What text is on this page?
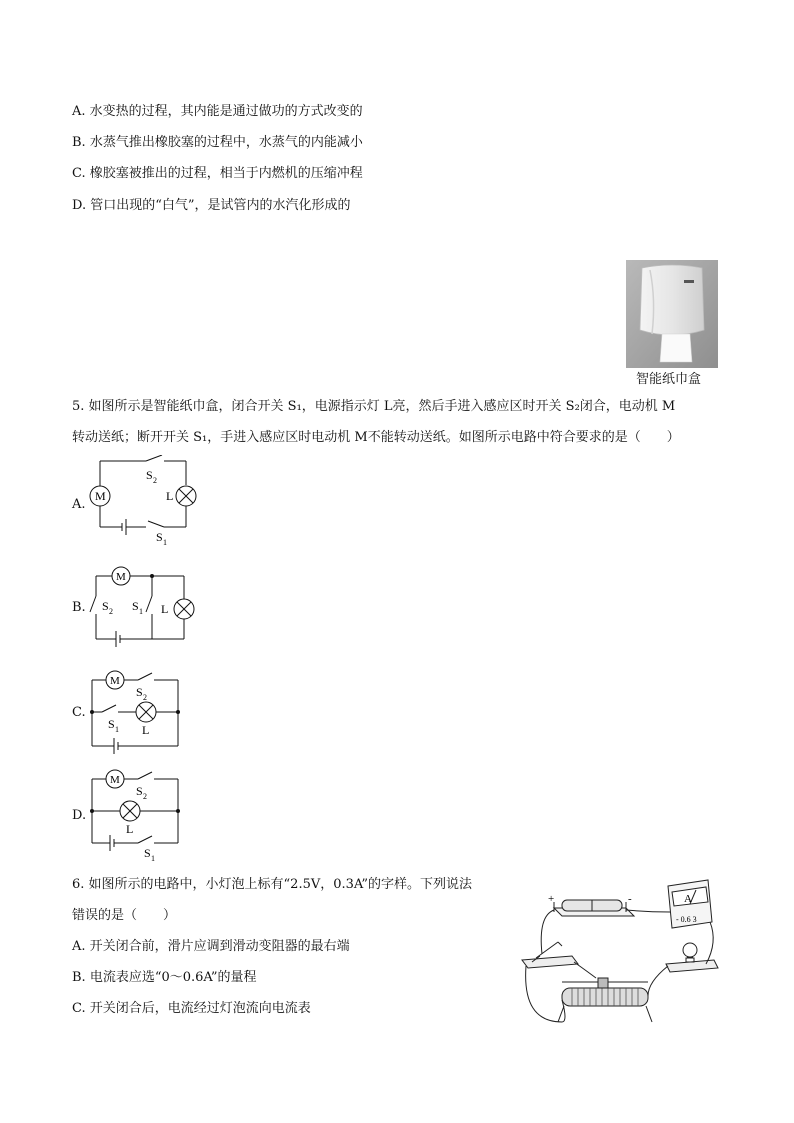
A. 水变热的过程，其内能是通过做功的方式改变的
B. 水蒸气推出橡胶塞的过程中，水蒸气的内能减小
C. 橡胶塞被推出的过程，相当于内燃机的压缩冲程
D. 管口出现的“白气”，是试管内的水汽化形成的
智能纸巾盒
5. 如图所示是智能纸巾盒，闭合开关 S₁，电源指示灯 L亮，然后手进入感应区时开关 S₂闭合，电动机 M
转动送纸；断开开关 S₁，手进入感应区时电动机 M不能转动送纸。如图所示电路中符合要求的是（　　）
A.
M	L
S 2
S 1
B.
M
S 2 S 1 L
C.
M
S 2
S 1 L
D.
M
S 2
L
S 1
6. 如图所示的电路中，小灯泡上标有“2.5V，0.3A”的字样。下列说法
错误的是（　　）
A. 开关闭合前，滑片应调到滑动变阻器的最右端
B. 电流表应选“0～0.6A”的量程
C. 开关闭合后，电流经过灯泡流向电流表
+	-	A
- 0.6 3
